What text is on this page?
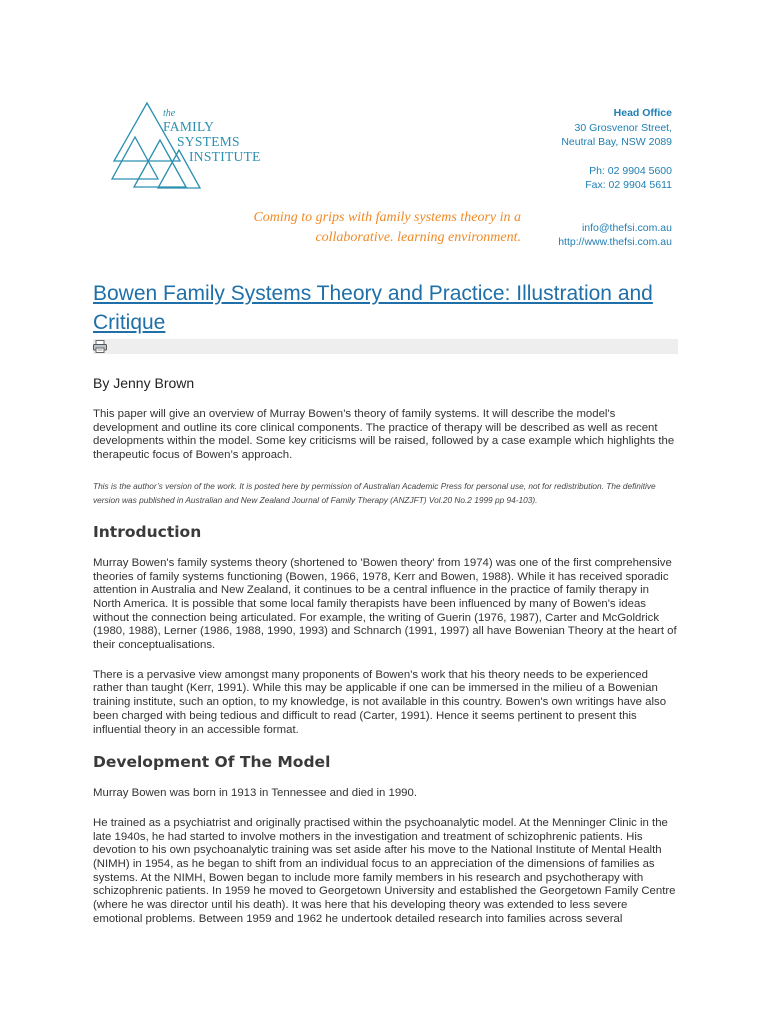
the
FAMILY
SYSTEMS
INSTITUTE
Head Office
30 Grosvenor Street,
Neutral Bay, NSW 2089
Ph: 02 9904 5600
Fax: 02 9904 5611
info@thefsi.com.au
http://www.thefsi.com.au
Coming to grips with family systems theory in a
collaborative. learning environment.
Bowen Family Systems Theory and Practice: Illustration and Critique
By Jenny Brown

This paper will give an overview of Murray Bowen’s theory of family systems. It will describe the model's development and outline its core clinical components. The practice of therapy will be described as well as recent developments within the model. Some key criticisms will be raised, followed by a case example which highlights the therapeutic focus of Bowen’s approach.

This is the author’s version of the work. It is posted here by permission of Australian Academic Press for personal use, not for redistribution. The definitive version was published in Australian and New Zealand Journal of Family Therapy (ANZJFT) Vol.20 No.2 1999 pp 94-103).

Introduction

Murray Bowen's family systems theory (shortened to 'Bowen theory' from 1974) was one of the first comprehensive theories of family systems functioning (Bowen, 1966, 1978, Kerr and Bowen, 1988). While it has received sporadic attention in Australia and New Zealand, it continues to be a central influence in the practice of family therapy in North America. It is possible that some local family therapists have been influenced by many of Bowen's ideas without the connection being articulated. For example, the writing of Guerin (1976, 1987), Carter and McGoldrick (1980, 1988), Lerner (1986, 1988, 1990, 1993) and Schnarch (1991, 1997) all have Bowenian Theory at the heart of their conceptualisations.

There is a pervasive view amongst many proponents of Bowen's work that his theory needs to be experienced rather than taught (Kerr, 1991). While this may be applicable if one can be immersed in the milieu of a Bowenian training institute, such an option, to my knowledge, is not available in this country. Bowen's own writings have also been charged with being tedious and difficult to read (Carter, 1991). Hence it seems pertinent to present this influential theory in an accessible format.

Development Of The Model

Murray Bowen was born in 1913 in Tennessee and died in 1990.

He trained as a psychiatrist and originally practised within the psychoanalytic model. At the Menninger Clinic in the late 1940s, he had started to involve mothers in the investigation and treatment of schizophrenic patients. His devotion to his own psychoanalytic training was set aside after his move to the National Institute of Mental Health (NIMH) in 1954, as he began to shift from an individual focus to an appreciation of the dimensions of families as systems. At the NIMH, Bowen began to include more family members in his research and psychotherapy with schizophrenic patients. In 1959 he moved to Georgetown University and established the Georgetown Family Centre (where he was director until his death). It was here that his developing theory was extended to less severe emotional problems. Between 1959 and 1962 he undertook detailed research into families across several
